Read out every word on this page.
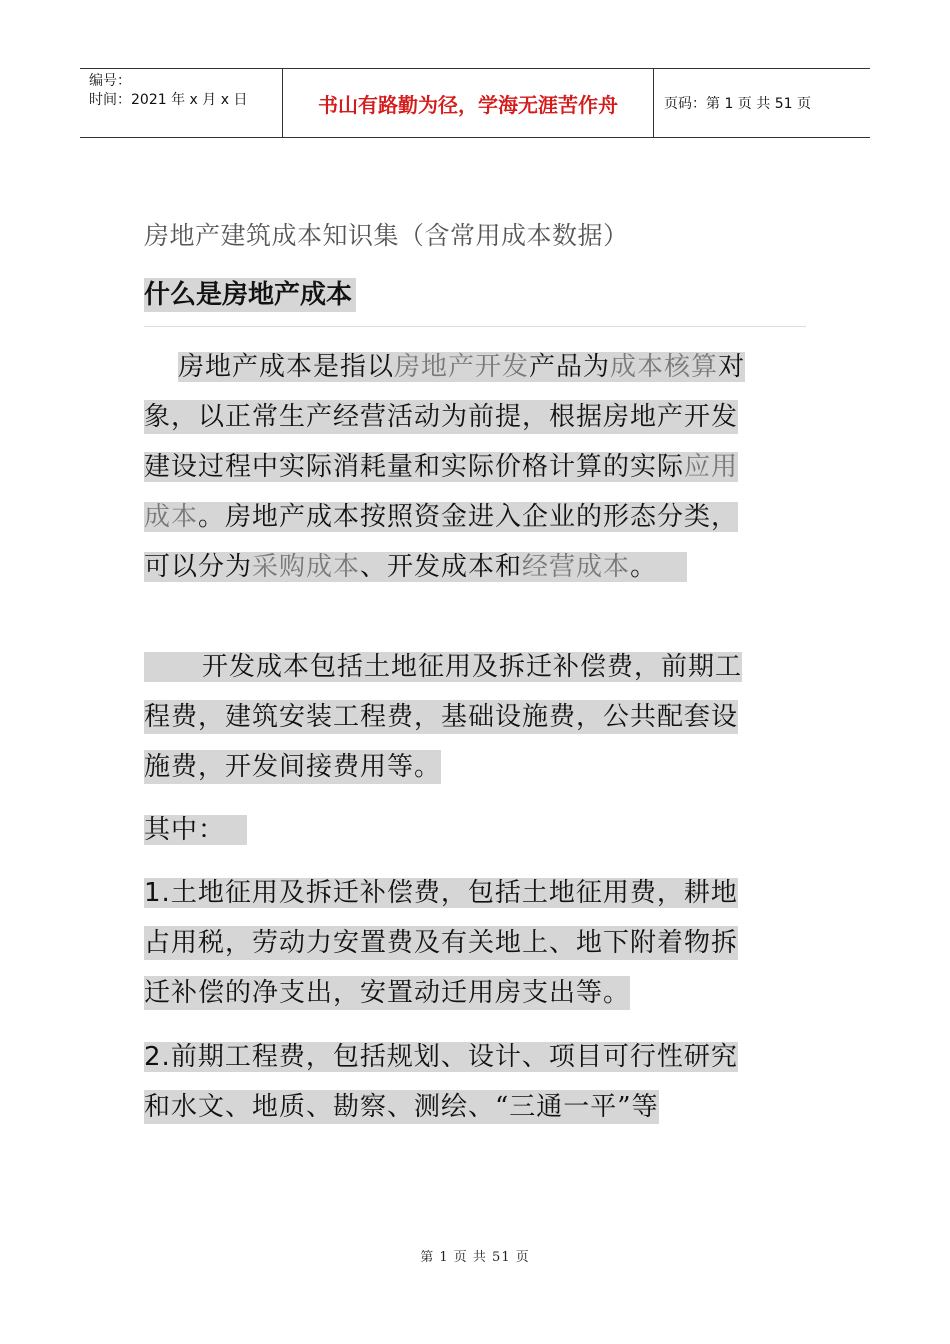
编号：
时间：2021 年 x 月 x 日	书山有路勤为径，学海无涯苦作舟	页码：第 1 页 共 51 页
房地产建筑成本知识集（含常用成本数据）
什么是房地产成本
房地产成本是指以房地产开发产品为成本核算对
象，以正常生产经营活动为前提，根据房地产开发
建设过程中实际消耗量和实际价格计算的实际应用
成本。房地产成本按照资金进入企业的形态分类，
可以分为采购成本、开发成本和经营成本。
开发成本包括土地征用及拆迁补偿费，前期工
程费，建筑安装工程费，基础设施费，公共配套设
施费，开发间接费用等。
其中：
1.土地征用及拆迁补偿费，包括土地征用费，耕地
占用税，劳动力安置费及有关地上、地下附着物拆
迁补偿的净支出，安置动迁用房支出等。
2.前期工程费，包括规划、设计、项目可行性研究
和水文、地质、勘察、测绘、“三通一平”等
第 1 页 共 51 页
